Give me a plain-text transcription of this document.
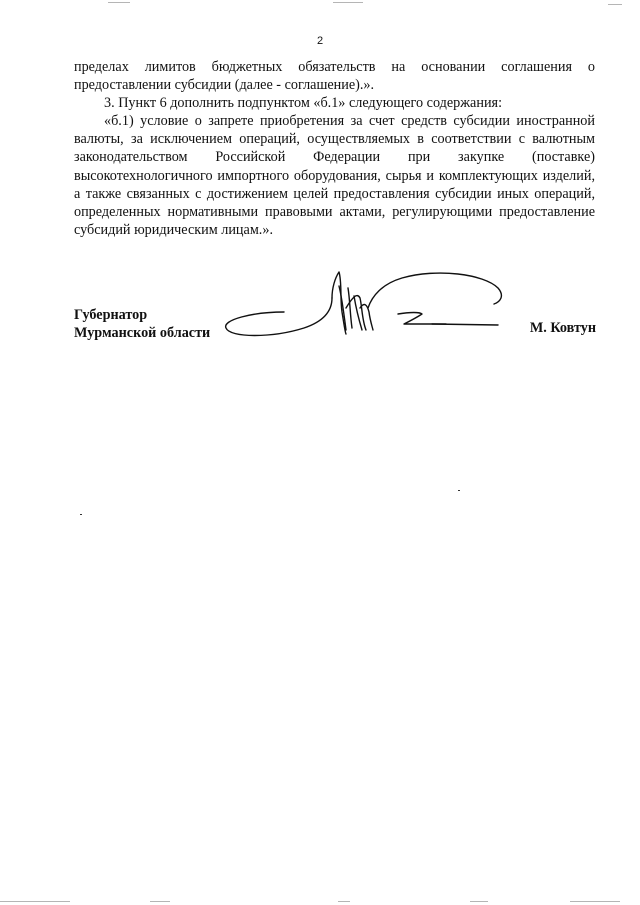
2

пределах лимитов бюджетных обязательств на основании соглашения о предоставлении субсидии (далее - соглашение).».

3. Пункт 6 дополнить подпунктом «б.1» следующего содержания:

«б.1) условие о запрете приобретения за счет средств субсидии иностранной валюты, за исключением операций, осуществляемых в соответствии с валютным законодательством Российской Федерации при закупке (поставке) высокотехнологичного импортного оборудования, сырья и комплектующих изделий, а также связанных с достижением целей предоставления субсидии иных операций, определенных нормативными правовыми актами, регулирующими предоставление субсидий юридическим лицам.».

Губернатор
Мурманской области	М. Ковтун
